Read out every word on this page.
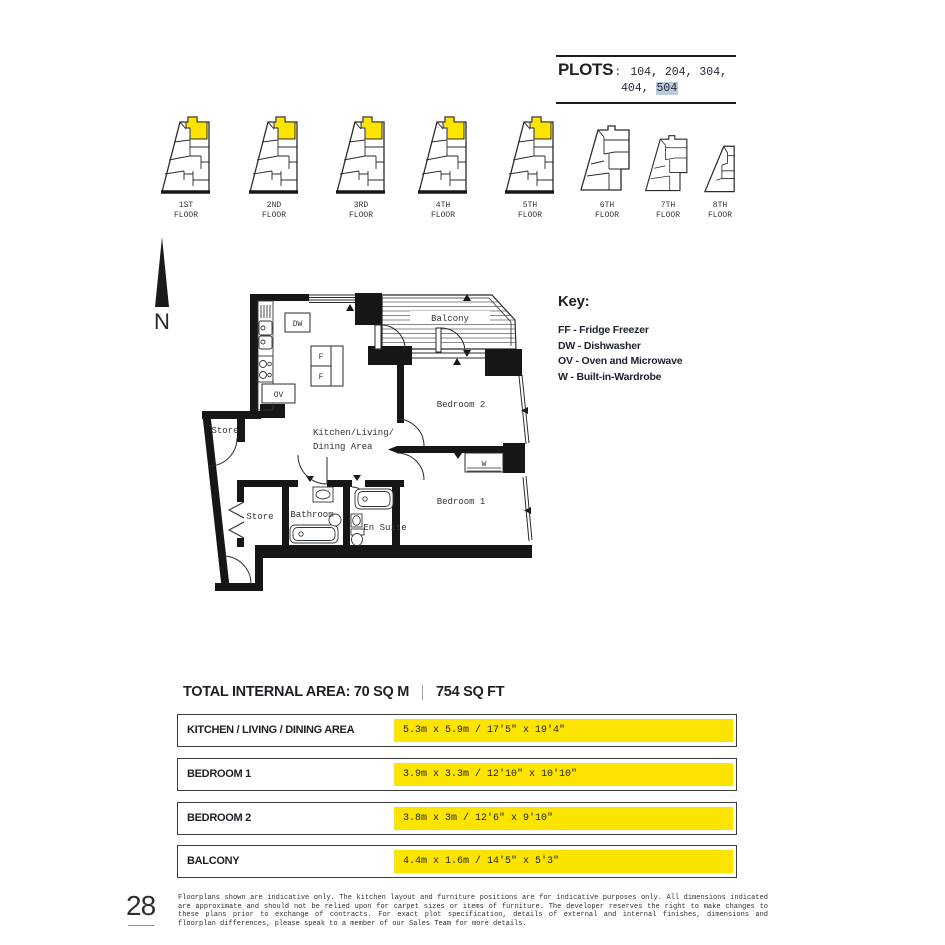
PLOTS : 104, 204, 304,
404, 504
1ST
FLOOR
2ND
FLOOR
3RD
FLOOR
4TH
FLOOR
5TH
FLOOR
6TH
FLOOR
7TH
FLOOR
8TH
FLOOR
N	Balcony
Bedroom 2
Bedroom 1
Kitchen/Living/
Dining Area
Store
Store Bathroom
En Suite
DW
OV
F
F
W
Key:
FF - Fridge Freezer
DW - Dishwasher
OV - Oven and Microwave
W - Built-in-Wardrobe
TOTAL INTERNAL AREA: 70 SQ M 754 SQ FT
KITCHEN / LIVING / DINING AREA	5.3m x 5.9m / 17'5" x 19'4"
BEDROOM 1	3.9m x 3.3m / 12'10" x 10'10"
BEDROOM 2	3.8m x 3m / 12'6" x 9'10"
BALCONY	4.4m x 1.6m / 14'5" x 5'3"
28	Floorplans shown are indicative only. The kitchen layout and furniture positions are for indicative purposes only. All dimensions indicated are approximate and should not be relied upon for carpet sizes or items of furniture. The developer reserves the right to make changes to these plans prior to exchange of contracts. For exact plot specification, details of external and internal finishes, dimensions and floorplan differences, please speak to a member of our Sales Team for more details.
